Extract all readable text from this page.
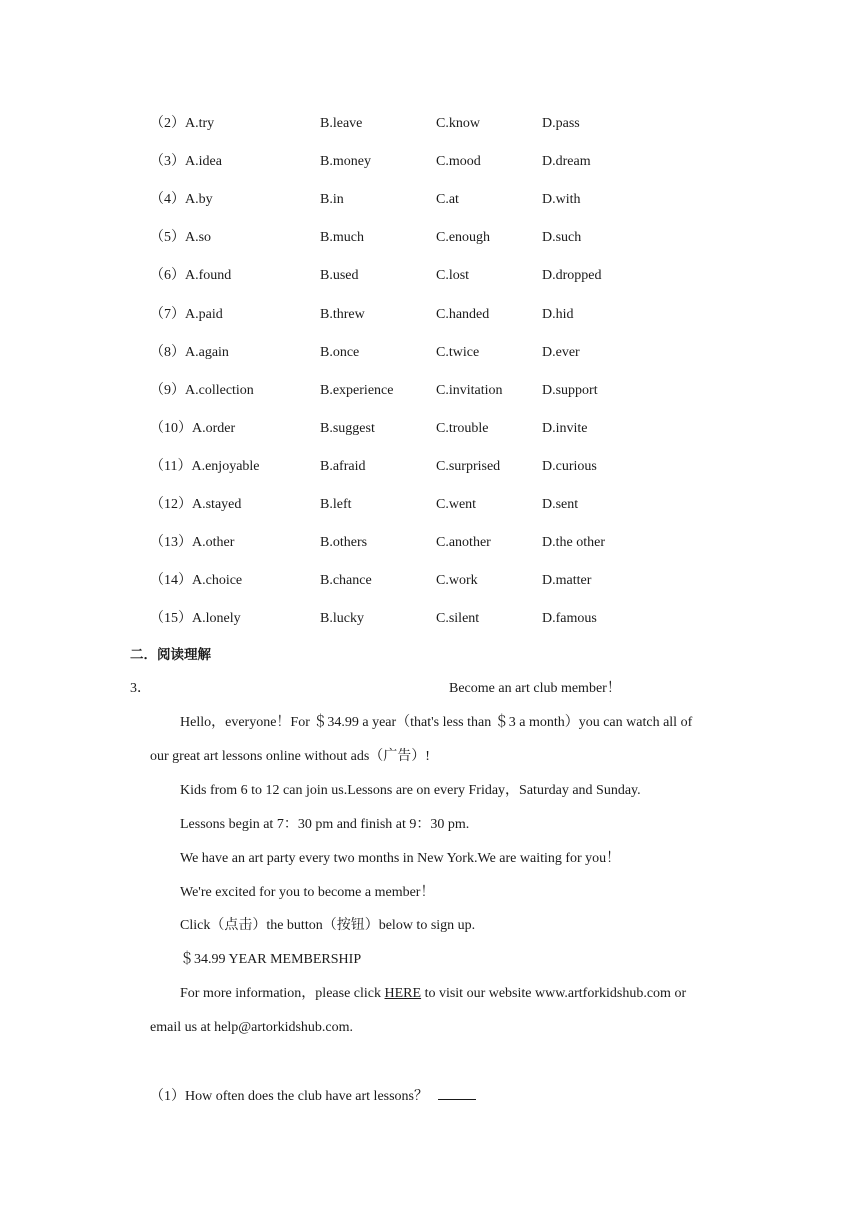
（2）A.try	B.leave	C.know	D.pass
（3）A.idea	B.money	C.mood	D.dream
（4）A.by	B.in	C.at	D.with
（5）A.so	B.much	C.enough	D.such
（6）A.found	B.used	C.lost	D.dropped
（7）A.paid	B.threw	C.handed	D.hid
（8）A.again	B.once	C.twice	D.ever
（9）A.collection	B.experience	C.invitation	D.support
（10）A.order	B.suggest	C.trouble	D.invite
（11）A.enjoyable	B.afraid	C.surprised	D.curious
（12）A.stayed	B.left	C.went	D.sent
（13）A.other	B.others	C.another	D.the other
（14）A.choice	B.chance	C.work	D.matter
（15）A.lonely	B.lucky	C.silent	D.famous
二．阅读理解
3．	Become an art club member！
Hello，everyone！For ＄34.99 a year（that's less than ＄3 a month）you can watch all of
our great art lessons online without ads（广告）!
Kids from 6 to 12 can join us.Lessons are on every Friday，Saturday and Sunday.
Lessons begin at 7：30 pm and finish at 9：30 pm.
We have an art party every two months in New York.We are waiting for you！
We're excited for you to become a member！
Click（点击）the button（按钮）below to sign up.
＄34.99 YEAR MEMBERSHIP
For more information，please click HERE to visit our website www.artforkidshub.com or
email us at help@artorkidshub.com.
（1）How often does the club have art lessons？
